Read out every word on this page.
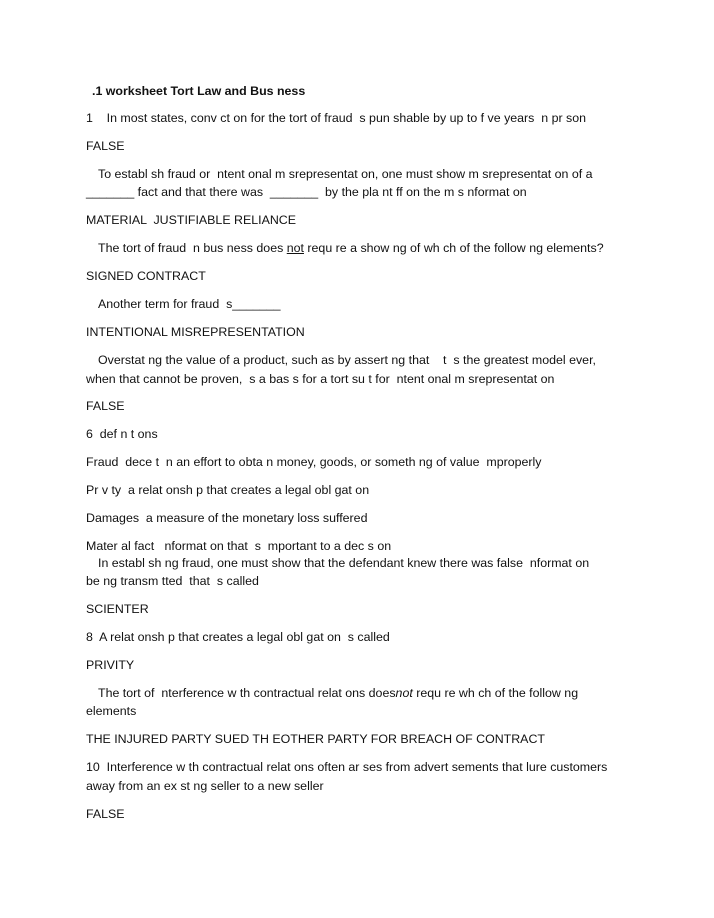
.1 worksheet Tort Law and Bus ness
1    In most states, conv ct on for the tort of fraud  s pun shable by up to f ve years  n pr son
FALSE
To establ sh fraud or  ntent onal m srepresentat on, one must show m srepresentat on of a
_______ fact and that there was  _______  by the pla nt ff on the m s nformat on
MATERIAL  JUSTIFIABLE RELIANCE
The tort of fraud  n bus ness does not requ re a show ng of wh ch of the follow ng elements?
SIGNED CONTRACT
Another term for fraud  s_______
INTENTIONAL MISREPRESENTATION
Overstat ng the value of a product, such as by assert ng that    t  s the greatest model ever,
when that cannot be proven,  s a bas s for a tort su t for  ntent onal m srepresentat on
FALSE
6  def n t ons
Fraud  dece t  n an effort to obta n money, goods, or someth ng of value  mproperly
Pr v ty  a relat onsh p that creates a legal obl gat on
Damages  a measure of the monetary loss suffered
Mater al fact   nformat on that  s  mportant to a dec s on
In establ sh ng fraud, one must show that the defendant knew there was false  nformat on
be ng transm tted  that  s called
SCIENTER
8  A relat onsh p that creates a legal obl gat on  s called
PRIVITY
The tort of  nterference w th contractual relat ons doesnot requ re wh ch of the follow ng
elements
THE INJURED PARTY SUED TH EOTHER PARTY FOR BREACH OF CONTRACT
10  Interference w th contractual relat ons often ar ses from advert sements that lure customers
away from an ex st ng seller to a new seller
FALSE
